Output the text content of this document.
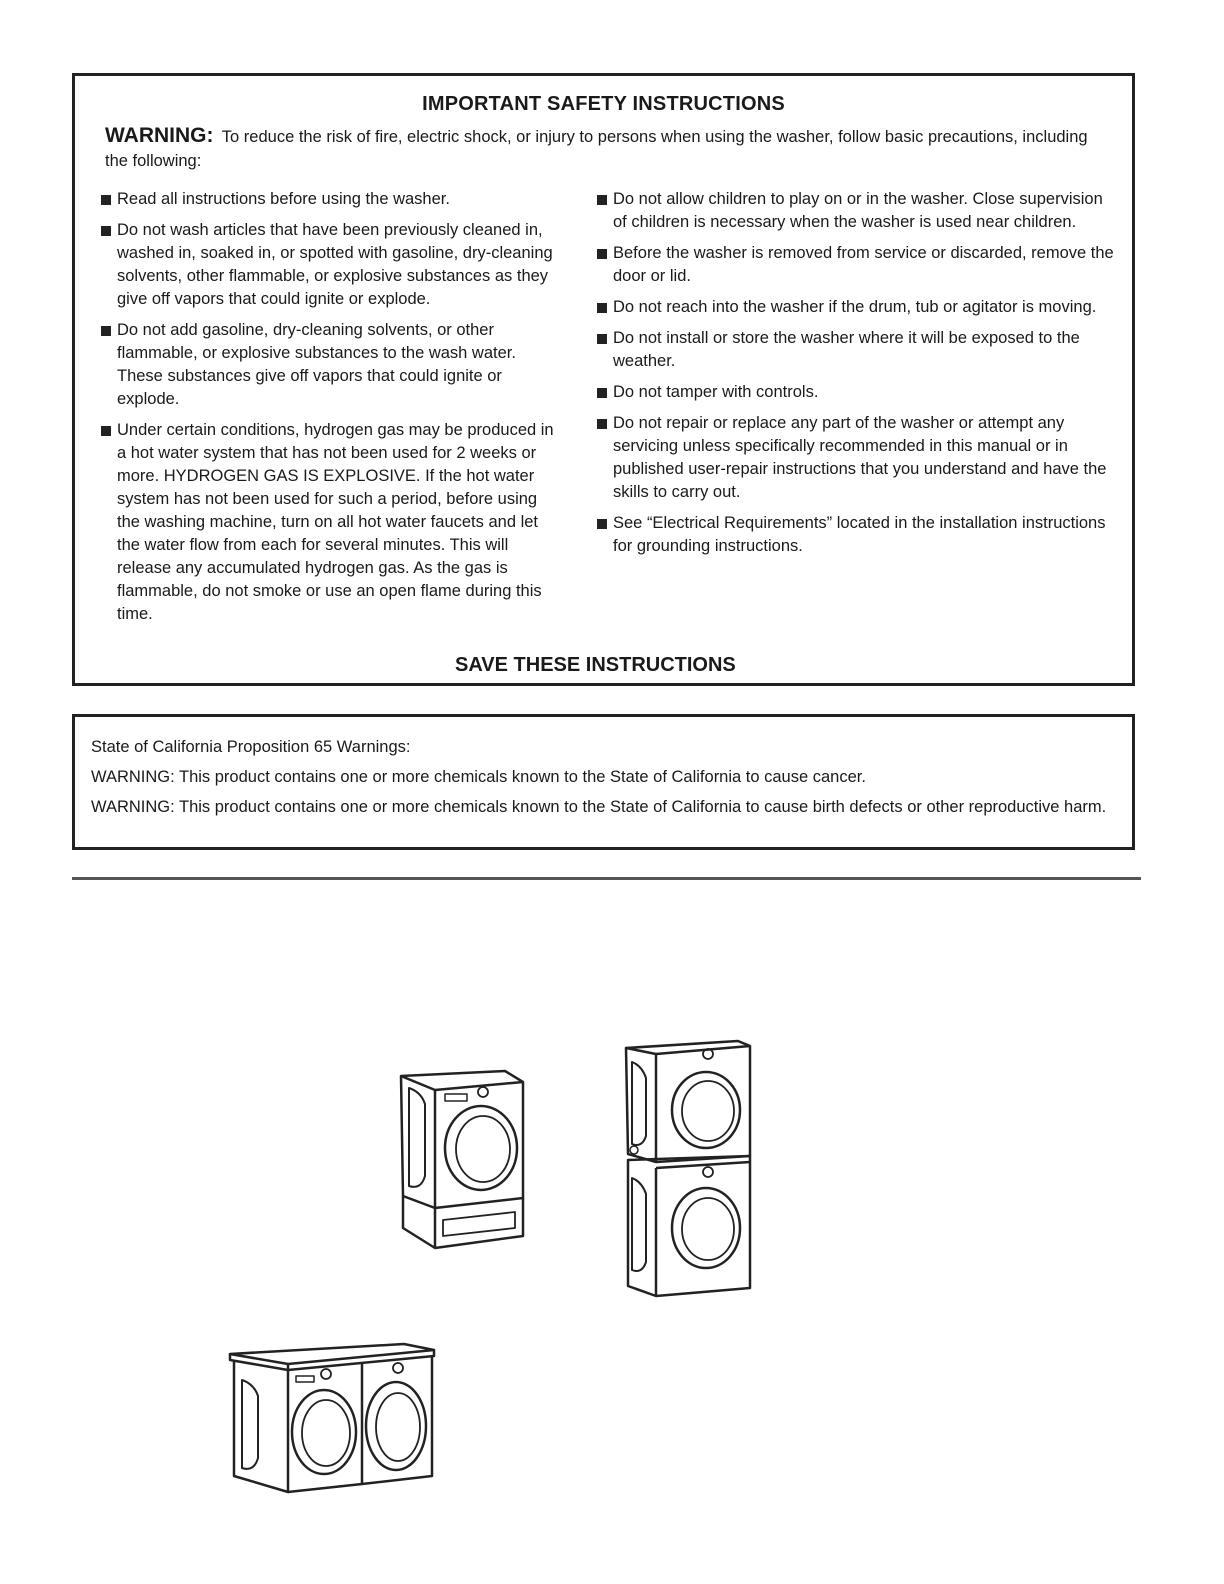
IMPORTANT SAFETY INSTRUCTIONS
WARNING: To reduce the risk of fire, electric shock, or injury to persons when using the washer, follow basic precautions, including the following:
Read all instructions before using the washer.
Do not wash articles that have been previously cleaned in, washed in, soaked in, or spotted with gasoline, dry-cleaning solvents, other flammable, or explosive substances as they give off vapors that could ignite or explode.
Do not add gasoline, dry-cleaning solvents, or other flammable, or explosive substances to the wash water. These substances give off vapors that could ignite or explode.
Under certain conditions, hydrogen gas may be produced in a hot water system that has not been used for 2 weeks or more. HYDROGEN GAS IS EXPLOSIVE. If the hot water system has not been used for such a period, before using the washing machine, turn on all hot water faucets and let the water flow from each for several minutes. This will release any accumulated hydrogen gas. As the gas is flammable, do not smoke or use an open flame during this time.
Do not allow children to play on or in the washer. Close supervision of children is necessary when the washer is used near children.
Before the washer is removed from service or discarded, remove the door or lid.
Do not reach into the washer if the drum, tub or agitator is moving.
Do not install or store the washer where it will be exposed to the weather.
Do not tamper with controls.
Do not repair or replace any part of the washer or attempt any servicing unless specifically recommended in this manual or in published user-repair instructions that you understand and have the skills to carry out.
See “Electrical Requirements” located in the installation instructions for grounding instructions.
SAVE THESE INSTRUCTIONS

State of California Proposition 65 Warnings:

WARNING: This product contains one or more chemicals known to the State of California to cause cancer.

WARNING: This product contains one or more chemicals known to the State of California to cause birth defects or other reproductive harm.
